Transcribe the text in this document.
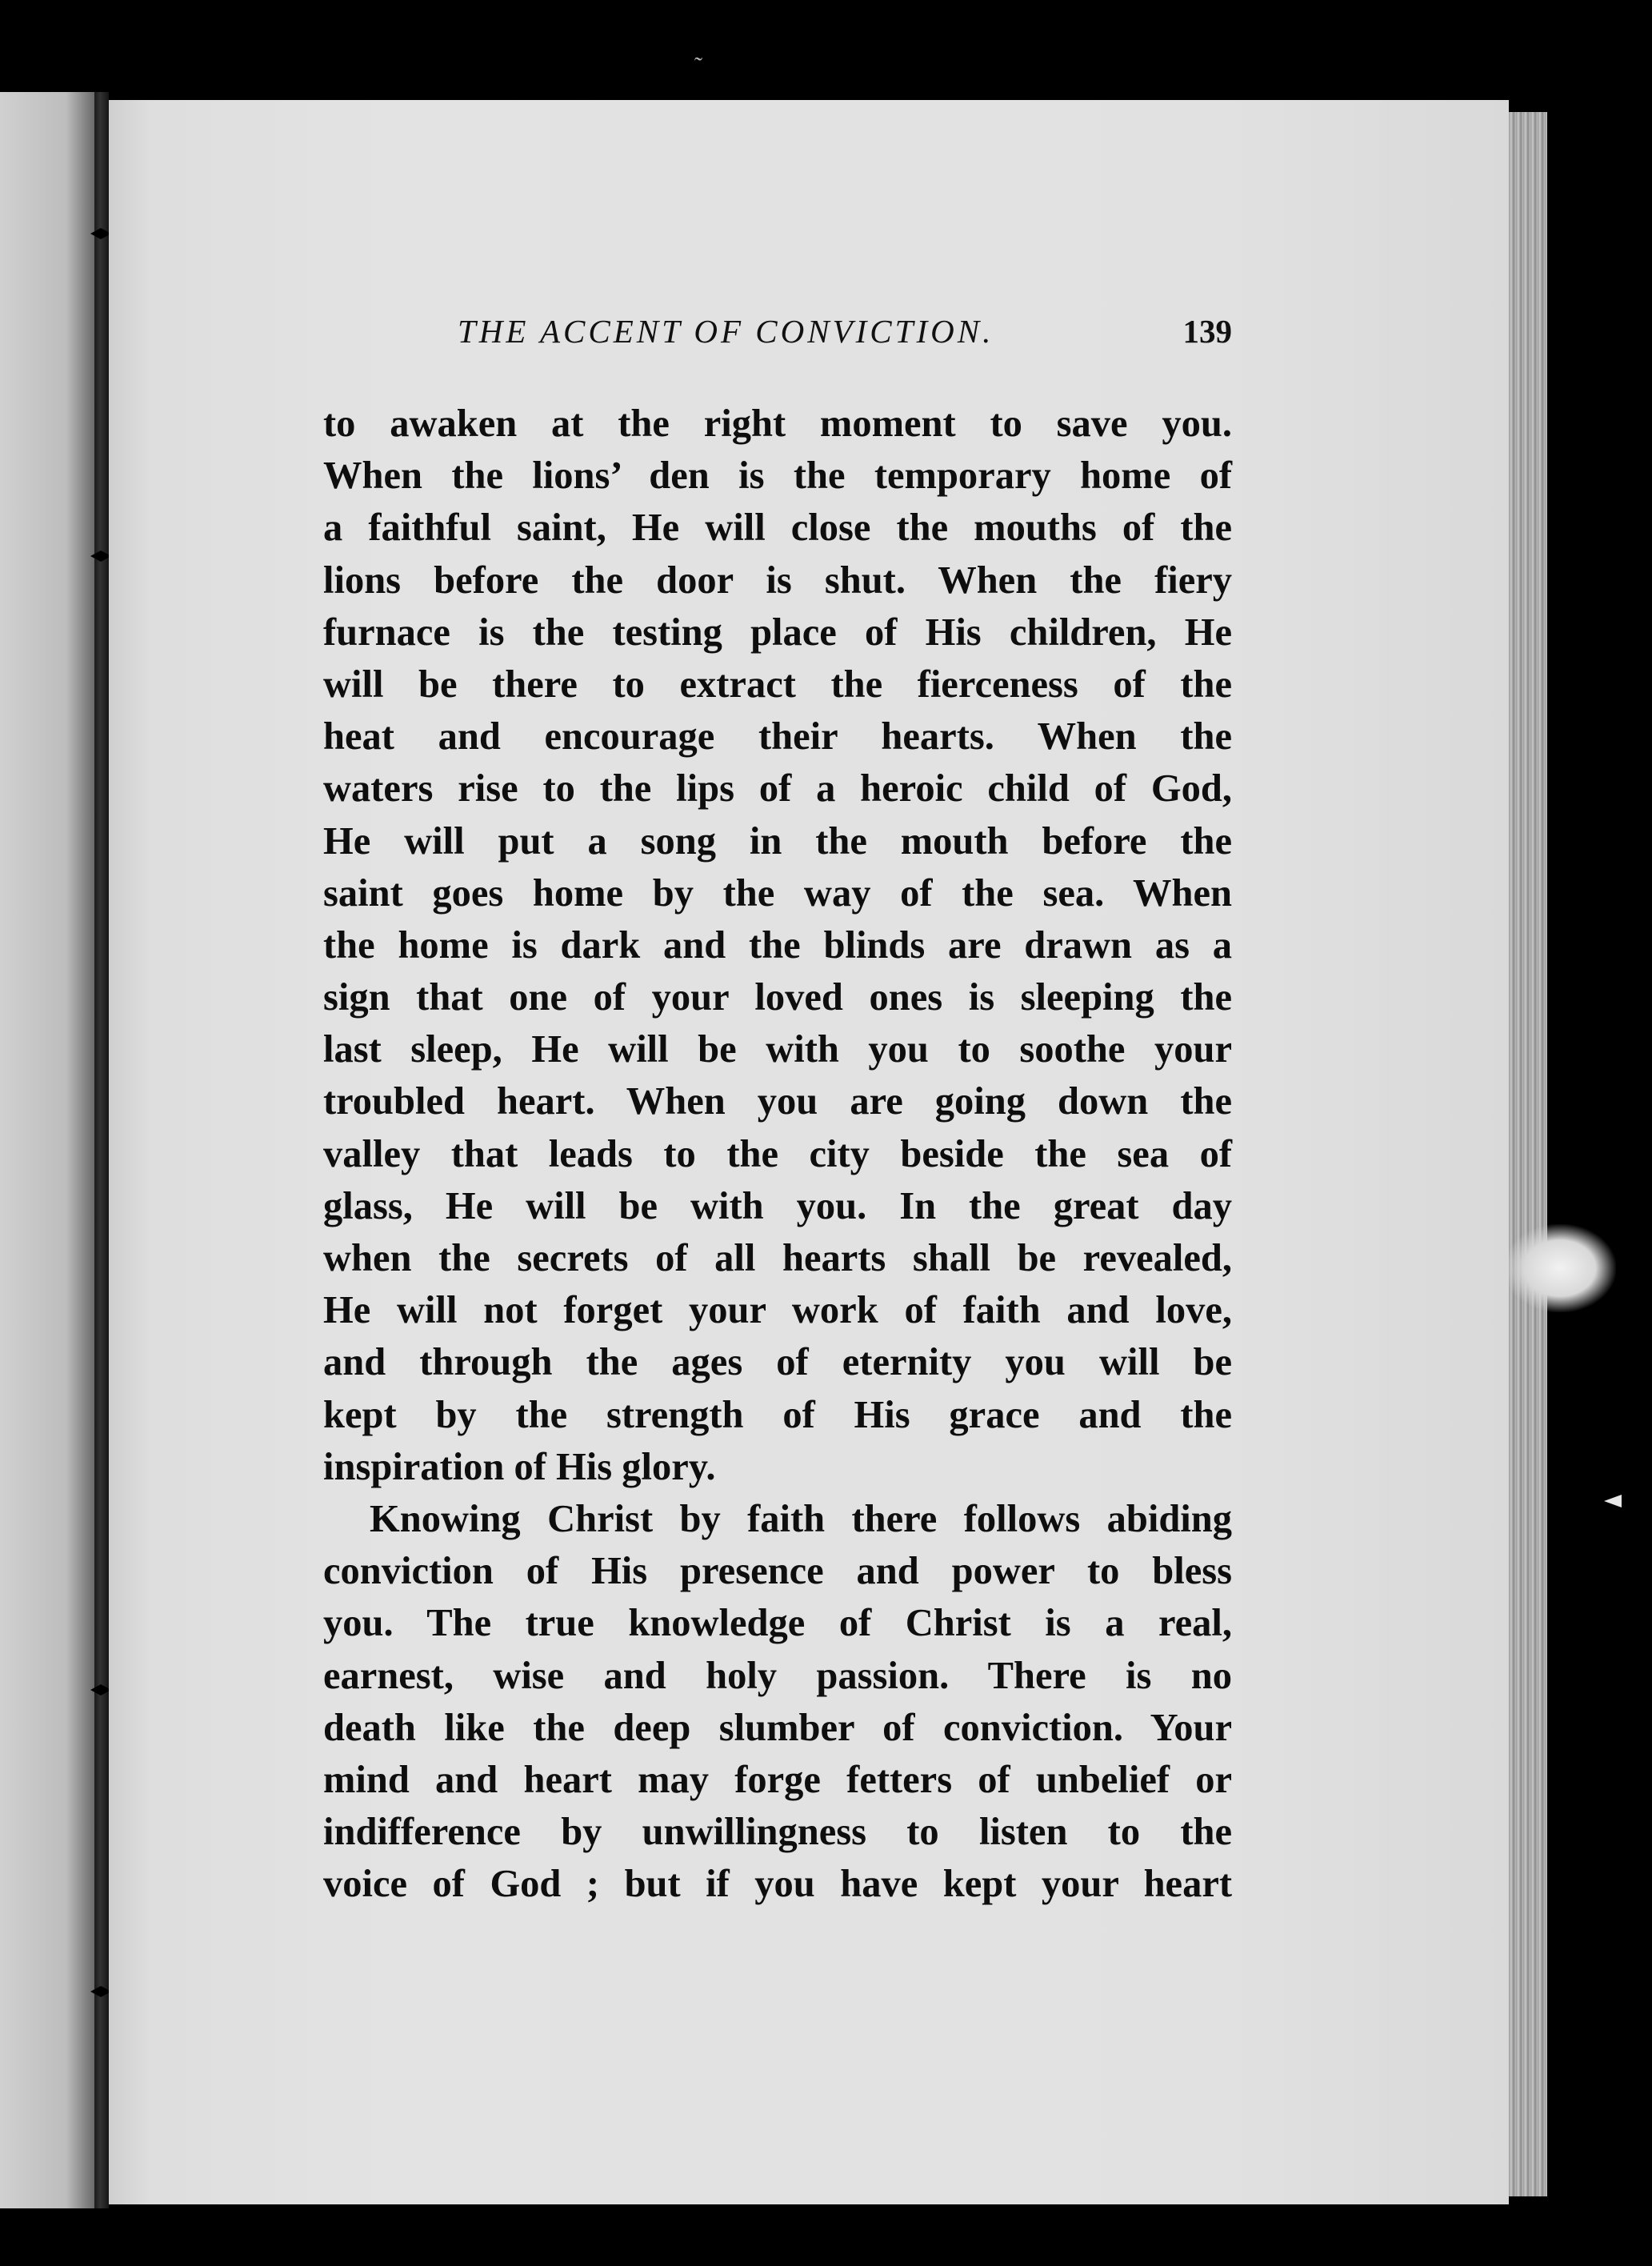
˷
THE ACCENT OF CONVICTION.	139
to awaken at the right moment to save you.
When the lions’ den is the temporary home of
a faithful saint, He will close the mouths of the
lions before the door is shut. When the fiery
furnace is the testing place of His children, He
will be there to extract the fierceness of the
heat and encourage their hearts. When the
waters rise to the lips of a heroic child of God,
He will put a song in the mouth before the
saint goes home by the way of the sea. When
the home is dark and the blinds are drawn as a
sign that one of your loved ones is sleeping the
last sleep, He will be with you to soothe your
troubled heart. When you are going down the
valley that leads to the city beside the sea of
glass, He will be with you. In the great day
when the secrets of all hearts shall be revealed,
He will not forget your work of faith and love,
and through the ages of eternity you will be
kept by the strength of His grace and the
inspiration of His glory.
Knowing Christ by faith there follows abiding
conviction of His presence and power to bless
you. The true knowledge of Christ is a real,
earnest, wise and holy passion. There is no
death like the deep slumber of conviction. Your
mind and heart may forge fetters of unbelief or
indifference by unwillingness to listen to the
voice of God ; but if you have kept your heart
